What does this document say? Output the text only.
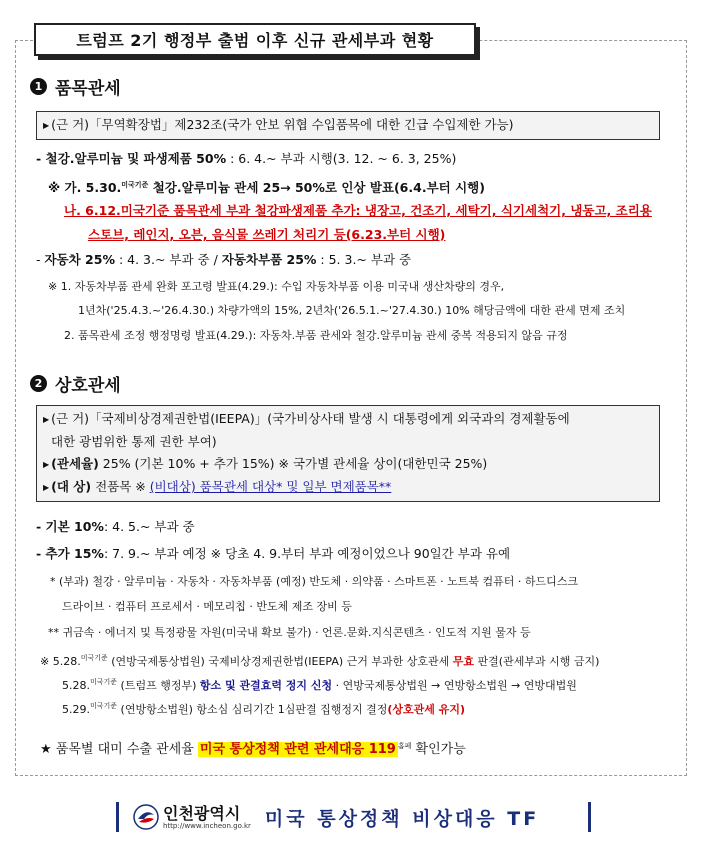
트럼프 2기 행정부 출범 이후 신규 관세부과 현황
1 품목관세
▶ (근 거)「무역확장법」제232조(국가 안보 위협 수입품목에 대한 긴급 수입제한 가능)
- 철강.알루미늄 및 파생제품 50% : 6. 4.~ 부과 시행(3. 12. ~ 6. 3, 25%)
※ 가. 5.30.$^{미국기준}$ 철강.알루미늄 관세 25→ 50%로 인상 발표(6.4.부터 시행)
나. 6.12.미국기준 품목관세 부과 철강파생제품 추가: 냉장고, 건조기, 세탁기, 식기세척기, 냉동고, 조리용
스토브, 레인지, 오븐, 음식물 쓰레기 처리기 등(6.23.부터 시행)
- 자동차 25% : 4. 3.~ 부과 중 / 자동차부품 25% : 5. 3.~ 부과 중
※ 1. 자동차부품 관세 완화 포고령 발표(4.29.): 수입 자동차부품 이용 미국내 생산차량의 경우,
1년차('25.4.3.~'26.4.30.) 차량가액의 15%, 2년차('26.5.1.~'27.4.30.) 10% 해당금액에 대한 관세 면제 조치
2. 품목관세 조정 행정명령 발표(4.29.): 자동차.부품 관세와 철강.알루미늄 관세 중복 적용되지 않음 규정
2 상호관세
▶ (근 거)「국제비상경제권한법(IEEPA)」(국가비상사태 발생 시 대통령에게 외국과의 경제활동에
대한 광범위한 통제 권한 부여)
▶ (관세율) 25% (기본 10% + 추가 15%) ※ 국가별 관세율 상이(대한민국 25%)
▶ (대 상) 전품목 ※ (비대상) 품목관세 대상* 및 일부 면제품목**
- 기본 10%: 4. 5.~ 부과 중
- 추가 15%: 7. 9.~ 부과 예정 ※ 당초 4. 9.부터 부과 예정이었으나 90일간 부과 유예
* (부과) 철강 · 알루미늄 · 자동차 · 자동차부품 (예정) 반도체 · 의약품 · 스마트폰 · 노트북 컴퓨터 · 하드디스크
드라이브 · 컴퓨터 프로세서 · 메모리칩 · 반도체 제조 장비 등
** 귀금속 · 에너지 및 특정광물 자원(미국내 확보 불가) · 언론.문화.지식콘텐츠 · 인도적 지원 물자 등
※ 5.28.$^{미국기준}$ (연방국제통상법원) 국제비상경제권한법(IEEPA) 근거 부과한 상호관세 무효 판결(관세부과 시행 금지)
5.28.$^{미국기준}$ (트럼프 행정부) 항소 및 관결효력 정지 신청 · 연방국제통상법원 → 연방항소법원 → 연방대법원
5.29.$^{미국기준}$ (연방항소법원) 항소심 심리기간 1심판결 집행정지 결정(상호관세 유지)
★ 품목별 대미 수출 관세율 미국 통상정책 관련 관세대응 119 $^{홈페}$ 확인가능
인천광역시
http://www.incheon.go.kr 미국 통상정책 비상대응 TF
